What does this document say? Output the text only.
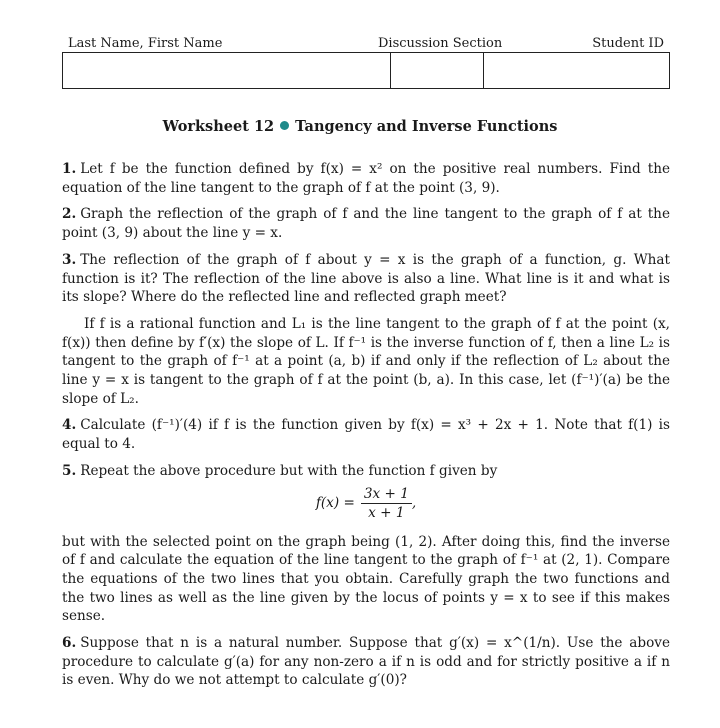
Last Name, First Name	Discussion Section	Student ID
Worksheet 12 Tangency and Inverse Functions

1. Let f be the function defined by f(x) = x² on the positive real numbers. Find the equation of the line tangent to the graph of f at the point (3, 9).

2. Graph the reflection of the graph of f and the line tangent to the graph of f at the point (3, 9) about the line y = x.

3. The reflection of the graph of f about y = x is the graph of a function, g. What function is it? The reflection of the line above is also a line. What line is it and what is its slope? Where do the reflected line and reflected graph meet?

If f is a rational function and L₁ is the line tangent to the graph of f at the point (x, f(x)) then define by f′(x) the slope of L. If f⁻¹ is the inverse function of f, then a line L₂ is tangent to the graph of f⁻¹ at a point (a, b) if and only if the reflection of L₂ about the line y = x is tangent to the graph of f at the point (b, a). In this case, let (f⁻¹)′(a) be the slope of L₂.

4. Calculate (f⁻¹)′(4) if f is the function given by f(x) = x³ + 2x + 1. Note that f(1) is equal to 4.

5. Repeat the above procedure but with the function f given by

$f(x) = \frac{3x + 1}{x + 1}$ ,

but with the selected point on the graph being (1, 2). After doing this, find the inverse of f and calculate the equation of the line tangent to the graph of f⁻¹ at (2, 1). Compare the equations of the two lines that you obtain. Carefully graph the two functions and the two lines as well as the line given by the locus of points y = x to see if this makes sense.

6. Suppose that n is a natural number. Suppose that g′(x) = x^(1/n). Use the above procedure to calculate g′(a) for any non-zero a if n is odd and for strictly positive a if n is even. Why do we not attempt to calculate g′(0)?
